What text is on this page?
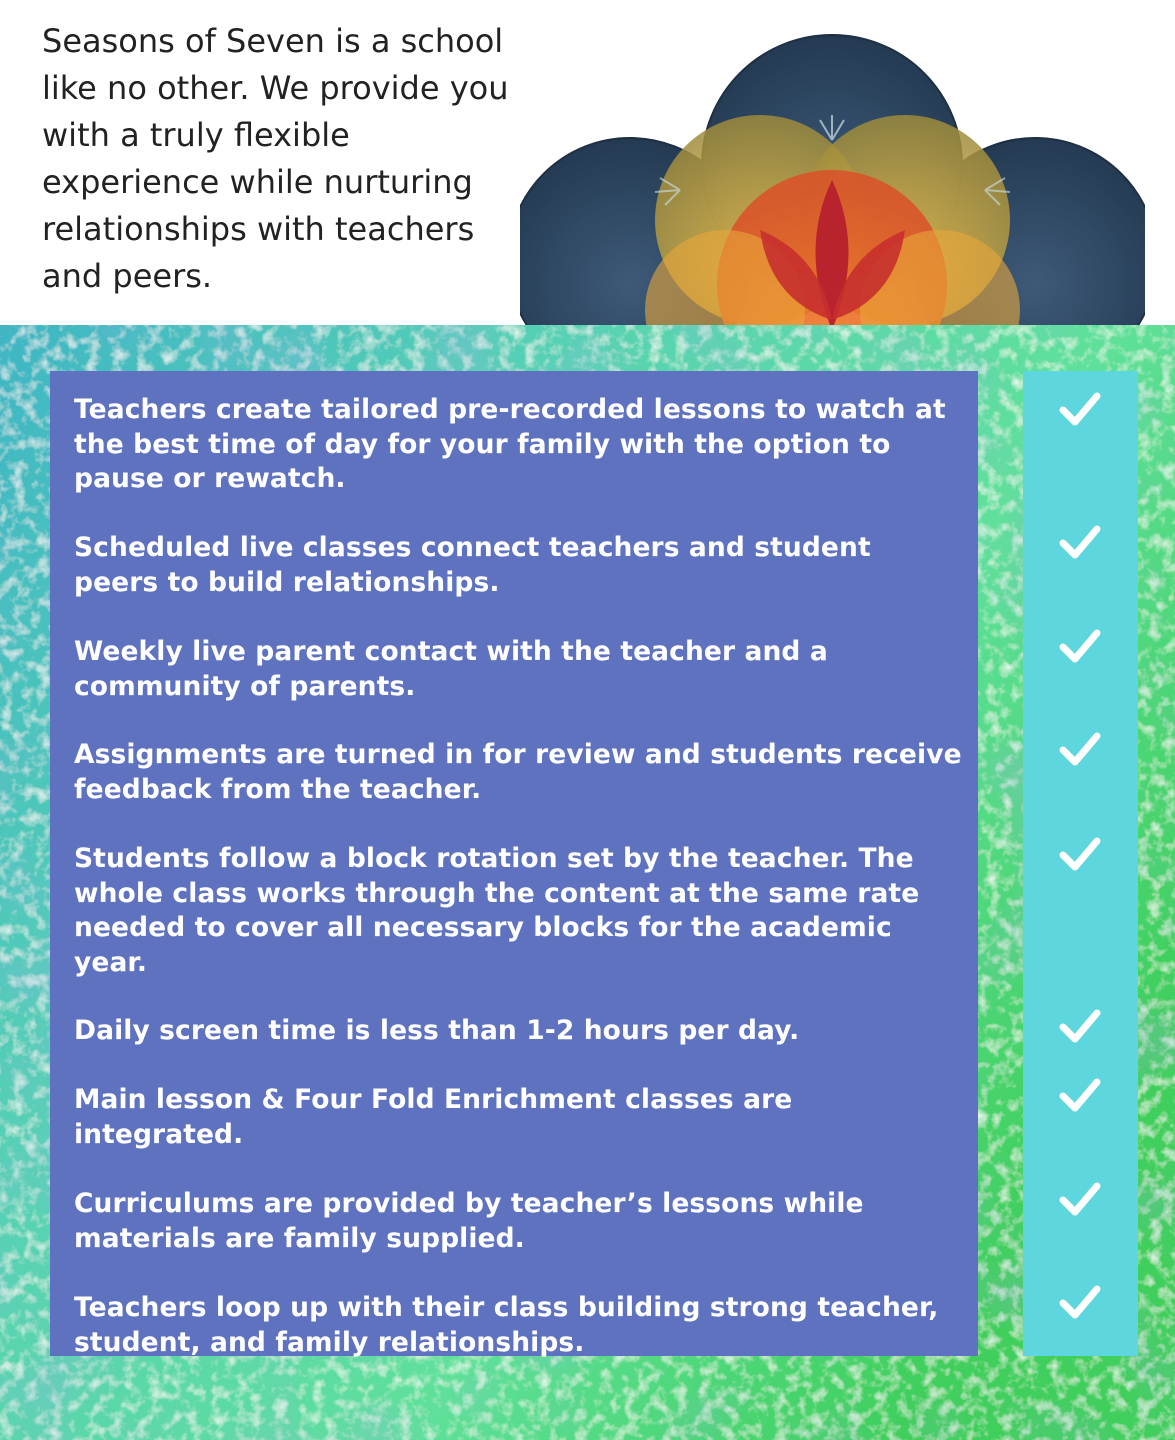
Seasons of Seven is a school like no other. We provide you with a truly flexible experience while nurturing relationships with teachers and peers.
Teachers create tailored pre-recorded lessons to watch at the best time of day for your family with the option to pause or rewatch.
Scheduled live classes connect teachers and student peers to build relationships.
Weekly live parent contact with the teacher and a community of parents.
Assignments are turned in for review and students receive feedback from the teacher.
Students follow a block rotation set by the teacher. The whole class works through the content at the same rate needed to cover all necessary blocks for the academic year.
Daily screen time is less than 1-2 hours per day.
Main lesson & Four Fold Enrichment classes are integrated.
Curriculums are provided by teacher’s lessons while materials are family supplied.
Teachers loop up with their class building strong teacher, student, and family relationships.
